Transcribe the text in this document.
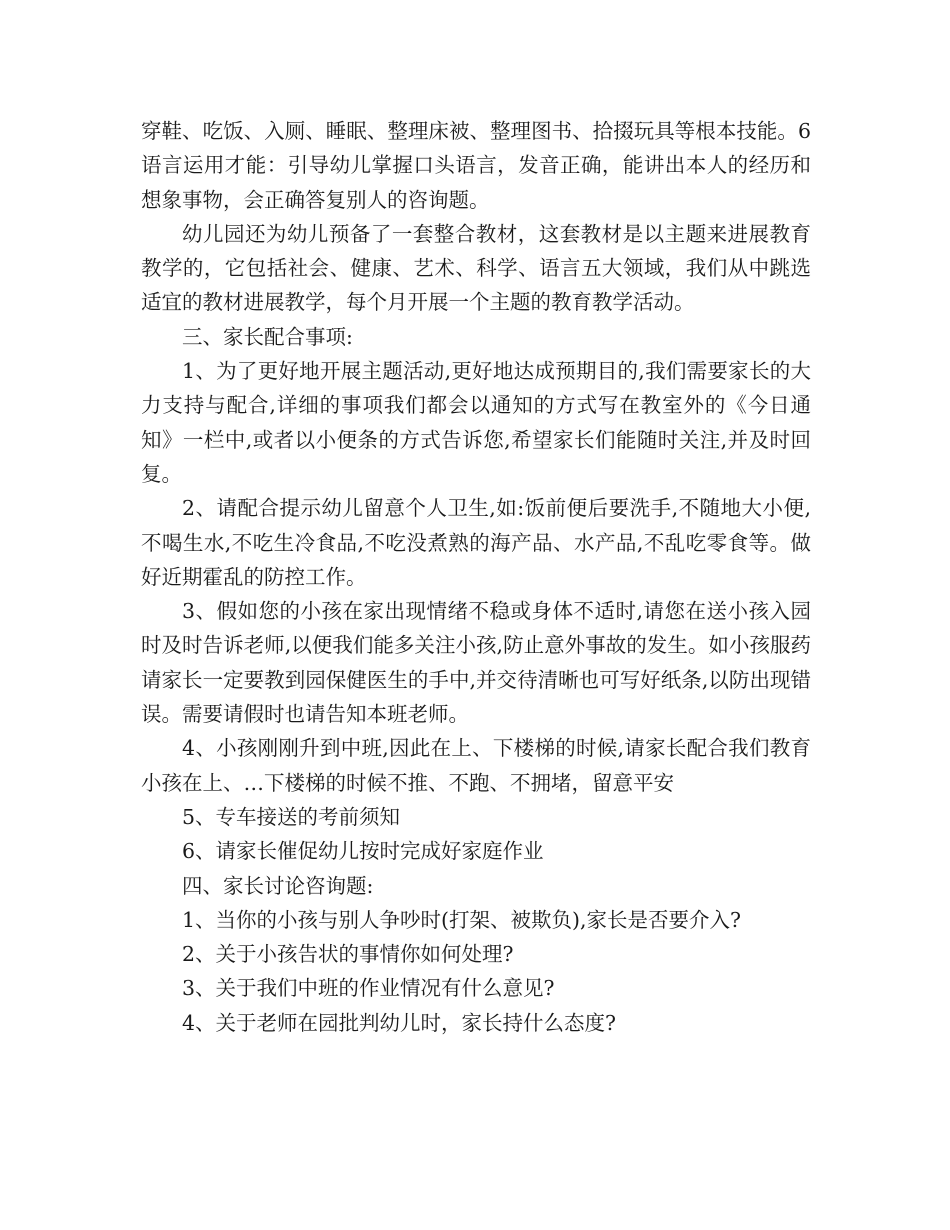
穿鞋、吃饭、入厕、睡眠、整理床被、整理图书、拾掇玩具等根本技能。6语言运用才能：引导幼儿掌握口头语言，发音正确，能讲出本人的经历和想象事物，会正确答复别人的咨询题。

幼儿园还为幼儿预备了一套整合教材，这套教材是以主题来进展教育教学的，它包括社会、健康、艺术、科学、语言五大领域，我们从中跳选适宜的教材进展教学，每个月开展一个主题的教育教学活动。

三、家长配合事项:

1、为了更好地开展主题活动,更好地达成预期目的,我们需要家长的大力支持与配合,详细的事项我们都会以通知的方式写在教室外的《今日通知》一栏中,或者以小便条的方式告诉您,希望家长们能随时关注,并及时回复。

2、请配合提示幼儿留意个人卫生,如:饭前便后要洗手,不随地大小便,不喝生水,不吃生冷食品,不吃没煮熟的海产品、水产品,不乱吃零食等。做好近期霍乱的防控工作。

3、假如您的小孩在家出现情绪不稳或身体不适时,请您在送小孩入园时及时告诉老师,以便我们能多关注小孩,防止意外事故的发生。如小孩服药请家长一定要教到园保健医生的手中,并交待清晰也可写好纸条,以防出现错误。需要请假时也请告知本班老师。

4、小孩刚刚升到中班,因此在上、下楼梯的时候,请家长配合我们教育小孩在上、…下楼梯的时候不推、不跑、不拥堵，留意平安

5、专车接送的考前须知

6、请家长催促幼儿按时完成好家庭作业

四、家长讨论咨询题:

1、当你的小孩与别人争吵时(打架、被欺负),家长是否要介入?

2、关于小孩告状的事情你如何处理?

3、关于我们中班的作业情况有什么意见?

4、关于老师在园批判幼儿时，家长持什么态度?
